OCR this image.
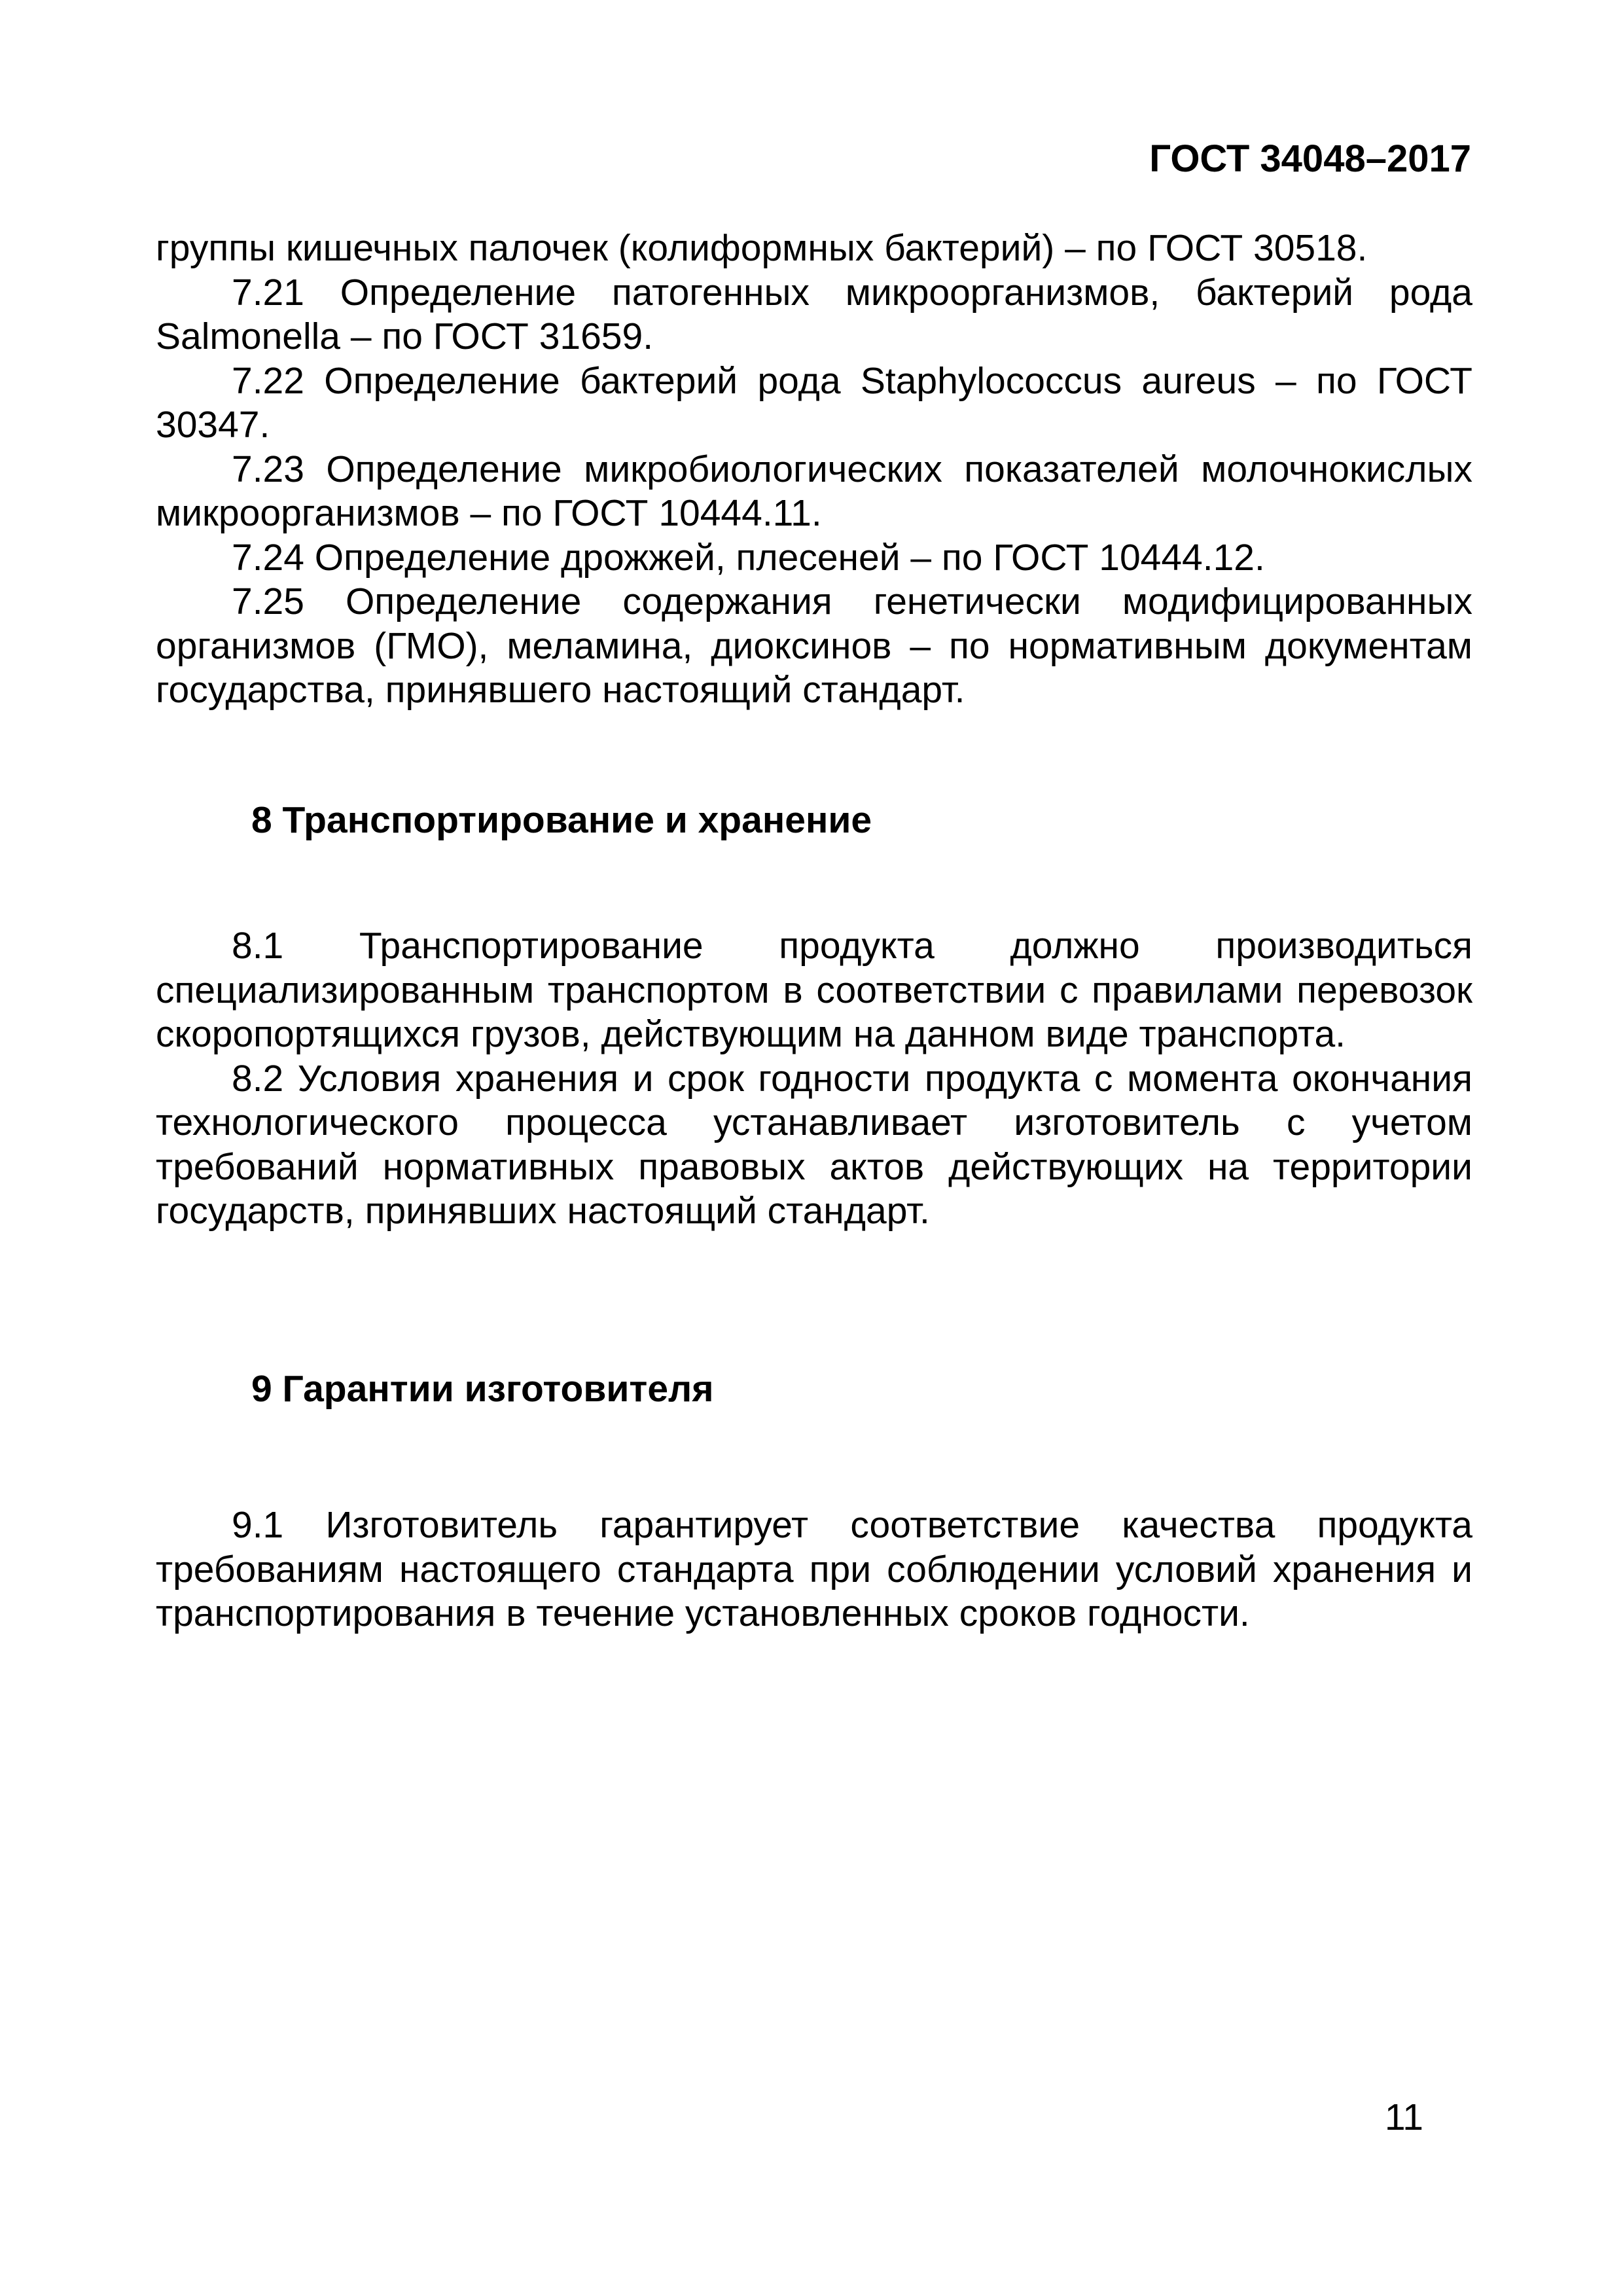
ГОСТ 34048–2017

группы кишечных палочек (колиформных бактерий) – по ГОСТ 30518.

7.21 Определение патогенных микроорганизмов, бактерий рода Salmonella – по ГОСТ 31659.

7.22 Определение бактерий рода Staphylococcus aureus – по ГОСТ 30347.

7.23 Определение микробиологических показателей молочнокислых микроорганизмов – по ГОСТ 10444.11.

7.24 Определение дрожжей, плесеней – по ГОСТ 10444.12.

7.25 Определение содержания генетически модифицированных организмов (ГМО), меламина, диоксинов – по нормативным документам государства, принявшего настоящий стандарт.

8 Транспортирование и хранение

8.1 Транспортирование продукта должно производиться специализированным транспортом в соответствии с правилами перевозок скоропортящихся грузов, действующим на данном виде транспорта.

8.2 Условия хранения и срок годности продукта с момента окончания технологического процесса устанавливает изготовитель с учетом требований нормативных правовых актов действующих на территории государств, принявших настоящий стандарт.

9 Гарантии изготовителя

9.1 Изготовитель гарантирует соответствие качества продукта требованиям настоящего стандарта при соблюдении условий хранения и транспортирования в течение установленных сроков годности.

11
